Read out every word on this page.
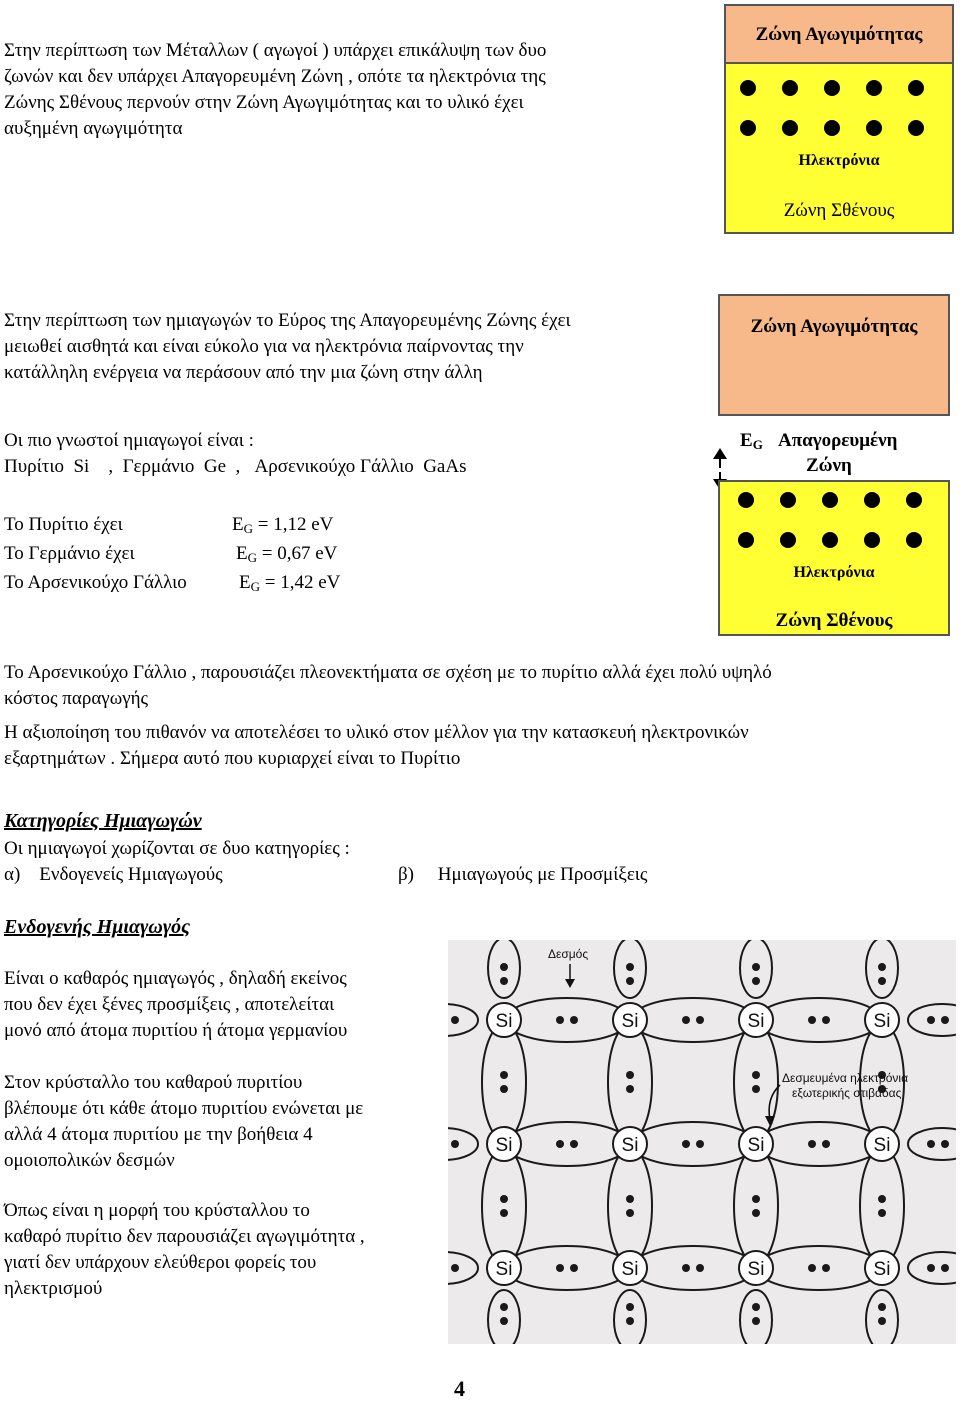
Στην περίπτωση των Μέταλλων ( αγωγοί ) υπάρχει επικάλυψη των δυο
ζωνών και δεν υπάρχει Απαγορευμένη Ζώνη , οπότε τα ηλεκτρόνια της
Ζώνης Σθένους περνούν στην Ζώνη Αγωγιμότητας και το υλικό έχει
αυξημένη αγωγιμότητα
Ζώνη Αγωγιμότητας
Ηλεκτρόνια
Ζώνη Σθένους
Στην περίπτωση των ημιαγωγών το Εύρος της Απαγορευμένης Ζώνης έχει
μειωθεί αισθητά και είναι εύκολο για να ηλεκτρόνια παίρνοντας την
κατάλληλη ενέργεια να περάσουν από την μια ζώνη στην άλλη
Οι πιο γνωστοί ημιαγωγοί είναι :
Πυρίτιο  Si    ,  Γερμάνιο  Ge  ,   Αρσενικούχο Γάλλιο  GaAs
Το Πυρίτιο έχει	$E_G = 1,12$ eV
Το Γερμάνιο έχει	$E_G = 0,67$ eV
Το Αρσενικούχο Γάλλιο	$E_G = 1,42$ eV
Ζώνη Αγωγιμότητας
$E_G$ Απαγορευμένη
Ζώνη
Ηλεκτρόνια
Ζώνη Σθένους
Το Αρσενικούχο Γάλλιο , παρουσιάζει πλεονεκτήματα σε σχέση με το πυρίτιο αλλά έχει πολύ υψηλό
κόστος παραγωγής
Η αξιοποίηση του πιθανόν να αποτελέσει το υλικό στον μέλλον για την κατασκευή ηλεκτρονικών
εξαρτημάτων . Σήμερα αυτό που κυριαρχεί είναι το Πυρίτιο
Κατηγορίες Ημιαγωγών
Οι ημιαγωγοί χωρίζονται σε δυο κατηγορίες :
α)    Ενδογενείς Ημιαγωγούς	β)     Ημιαγωγούς με Προσμίξεις
Ενδογενής Ημιαγωγός
Είναι ο καθαρός ημιαγωγός , δηλαδή εκείνος
που δεν έχει ξένες προσμίξεις , αποτελείται
μονό από άτομα πυριτίου ή άτομα γερμανίου
Στον κρύσταλλο του καθαρού πυριτίου
βλέπουμε ότι κάθε άτομο πυριτίου ενώνεται με
αλλά 4 άτομα πυριτίου με την βοήθεια 4
ομοιοπολικών δεσμών
Όπως είναι η μορφή του κρύσταλλου το
καθαρό πυρίτιο δεν παρουσιάζει αγωγιμότητα ,
γιατί δεν υπάρχουν ελεύθεροι φορείς του
ηλεκτρισμού
Si	Si	Si	Si
Si	Si	Si	Si
Si	Si	Si	Si
Δεσμός
Δεσμευμένα ηλεκτρόνια
εξωτερικής στιβάδας
4
